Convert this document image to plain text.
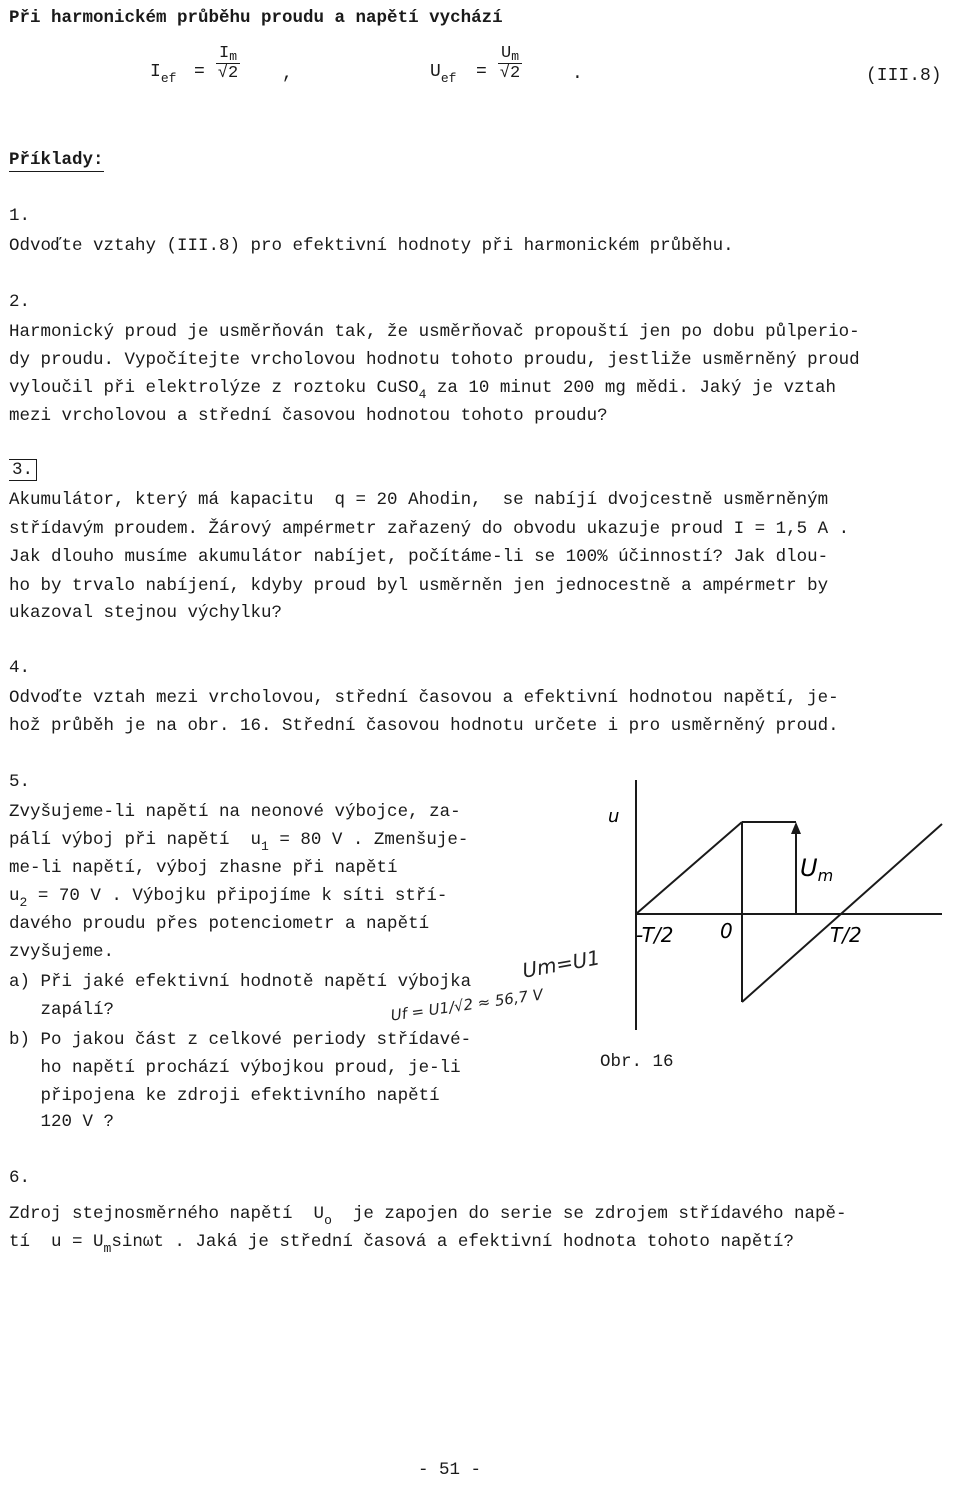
Při harmonickém průběhu proudu a napětí vychází
$I_{ef} = \frac{Im}{√2}$ ,	$U_{ef} = \frac{Um}{√2}$	.	(III.8)
Příklady:
1.
Odvoďte vztahy (III.8) pro efektivní hodnoty při harmonickém průběhu.
2.
Harmonický proud je usměrňován tak, že usměrňovač propouští jen po dobu půlperio-
dy proudu. Vypočítejte vrcholovou hodnotu tohoto proudu, jestliže usměrněný proud
vyloučil při elektrolýze z roztoku CuSO$_4$ za 10 minut 200 mg mědi. Jaký je vztah
mezi vrcholovou a střední časovou hodnotou tohoto proudu?
3.
Akumulátor, který má kapacitu  q = 20 Ahodin,  se nabíjí dvojcestně usměrněným
střídavým proudem. Žárový ampérmetr zařazený do obvodu ukazuje proud I = 1,5 A .
Jak dlouho musíme akumulátor nabíjet, počítáme-li se 100% účinností? Jak dlou-
ho by trvalo nabíjení, kdyby proud byl usměrněn jen jednocestně a ampérmetr by
ukazoval stejnou výchylku?
4.
Odvoďte vztah mezi vrcholovou, střední časovou a efektivní hodnotou napětí, je-
hož průběh je na obr. 16. Střední časovou hodnotu určete i pro usměrněný proud.
5.
Zvyšujeme-li napětí na neonové výbojce, za-
pálí výboj při napětí  $u_1 = 80$ V . Zmenšuje-
me-li napětí, výboj zhasne při napětí
$u_2 = 70$ V . Výbojku připojíme k síti stří-
davého proudu přes potenciometr a napětí
zvyšujeme.
a) Při jaké efektivní hodnotě napětí výbojka
zapálí?
b) Po jakou část z celkové periody střídavé-
ho napětí prochází výbojkou proud, je-li
připojena ke zdroji efektivního napětí
120 V ?
Um=U1
Uf = U1/√2 ≈ 56,7 V
u
$U_m$
-T/2 0	T/2
Obr. 16
6.
Zdroj stejnosměrného napětí  $U_o$  je zapojen do serie se zdrojem střídavého napě-
tí  $u = U_m\sin\omega t$ . Jaká je střední časová a efektivní hodnota tohoto napětí?
- 51 -
